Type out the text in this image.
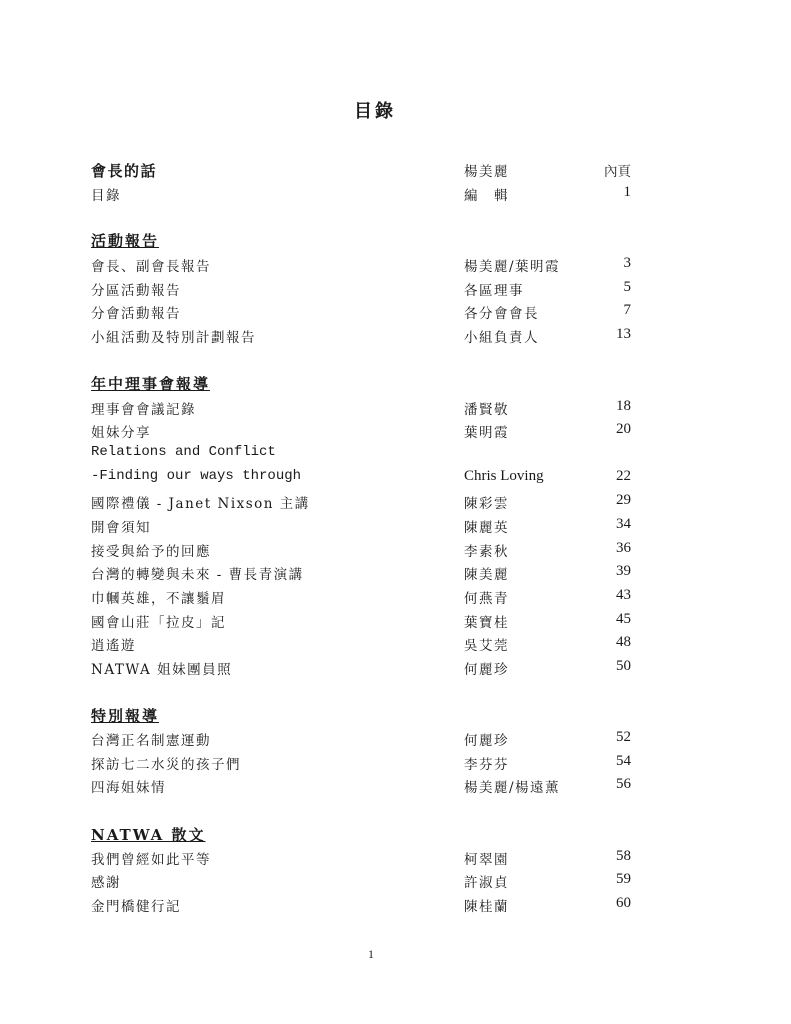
目錄
會長的話	楊美麗	內頁
目錄	編　輯	1
活動報告
會長、副會長報告	楊美麗/葉明霞	3
分區活動報告	各區理事	5
分會活動報告	各分會會長	7
小組活動及特別計劃報告	小組負責人	13
年中理事會報導
理事會會議記錄	潘賢敬	18
姐妹分享	葉明霞	20
Relations and Conflict
-Finding our ways through	Chris Loving	22
國際禮儀 - Janet Nixson 主講	陳彩雲	29
開會須知	陳麗英	34
接受與給予的回應	李素秋	36
台灣的轉變與未來 - 曹長青演講	陳美麗	39
巾幗英雄，不讓鬚眉	何燕青	43
國會山莊「拉皮」記	葉寶桂	45
逍遙遊	吳艾莞	48
NATWA 姐妹團員照	何麗珍	50
特別報導
台灣正名制憲運動	何麗珍	52
探訪七二水災的孩子們	李芬芬	54
四海姐妹情	楊美麗/楊遠薰	56
NATWA 散文
我們曾經如此平等	柯翠園	58
感謝	許淑貞	59
金門橋健行記	陳桂蘭	60
1
